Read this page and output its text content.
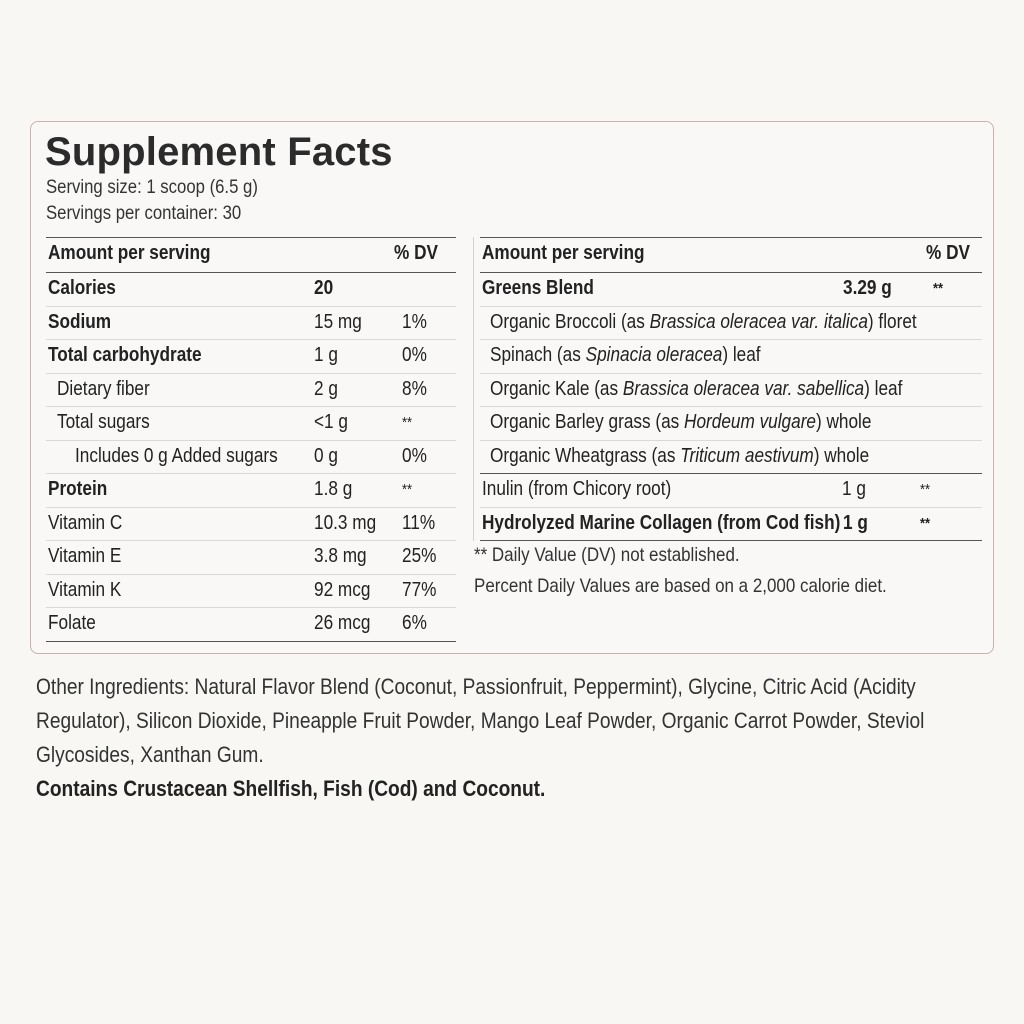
Supplement Facts
Serving size: 1 scoop (6.5 g)
Servings per container: 30
Amount per serving	% DV
Calories	20
Sodium	15 mg 1%
Total carbohydrate	1 g	0%
Dietary fiber	2 g	8%
Total sugars	<1 g	**
Includes 0 g Added sugars 0 g	0%
Protein	1.8 g	**
Vitamin C	10.3 mg 11%
Vitamin E	3.8 mg 25%
Vitamin K	92 mcg 77%
Folate	26 mcg 6%
Amount per serving	% DV
Greens Blend	3.29 g	**
Organic Broccoli (as Brassica oleracea var. italica) floret
Spinach (as Spinacia oleracea) leaf
Organic Kale (as Brassica oleracea var. sabellica) leaf
Organic Barley grass (as Hordeum vulgare) whole
Organic Wheatgrass (as Triticum aestivum) whole
Inulin (from Chicory root)	1 g	**
Hydrolyzed Marine Collagen (from Cod fish) 1 g	**
** Daily Value (DV) not established.
Percent Daily Values are based on a 2,000 calorie diet.
Other Ingredients: Natural Flavor Blend (Coconut, Passionfruit, Peppermint), Glycine, Citric Acid (Acidity Regulator), Silicon Dioxide, Pineapple Fruit Powder, Mango Leaf Powder, Organic Carrot Powder, Steviol Glycosides, Xanthan Gum.
Contains Crustacean Shellfish, Fish (Cod) and Coconut.
